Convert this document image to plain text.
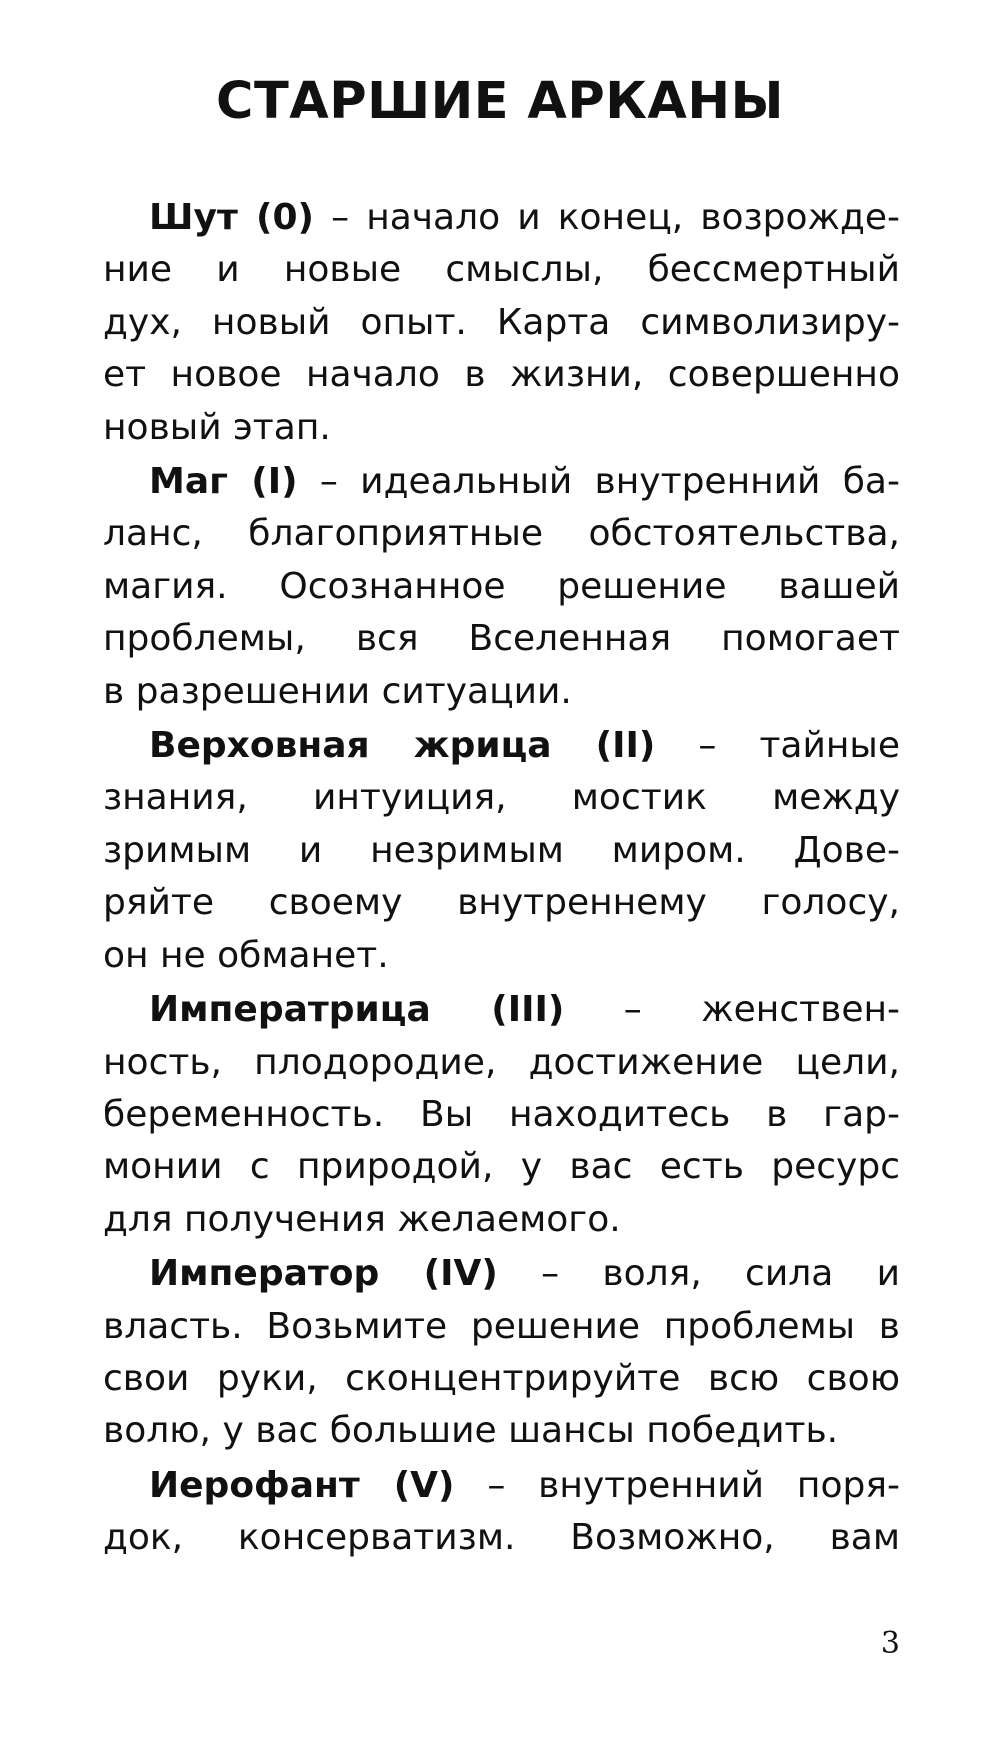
СТАРШИЕ АРКАНЫ

Шут (0) – начало и конец, возрожде-
ние и новые смыслы, бессмертный
дух, новый опыт. Карта символизиру-
ет новое начало в жизни, совершенно
новый этап.

Маг (I) – идеальный внутренний ба-
ланс, благоприятные обстоятельства,
магия. Осознанное решение вашей
проблемы, вся Вселенная помогает
в разрешении ситуации.

Верховная жрица (II) – тайные
знания, интуиция, мостик между
зримым и незримым миром. Дове-
ряйте своему внутреннему голосу,
он не обманет.

Императрица (III) – женствен-
ность, плодородие, достижение цели,
беременность. Вы находитесь в гар-
монии с природой, у вас есть ресурс
для получения желаемого.

Император (IV) – воля, сила и
власть. Возьмите решение проблемы в
свои руки, сконцентрируйте всю свою
волю, у вас большие шансы победить.

Иерофант (V) – внутренний поря-
док, консерватизм. Возможно, вам

3
